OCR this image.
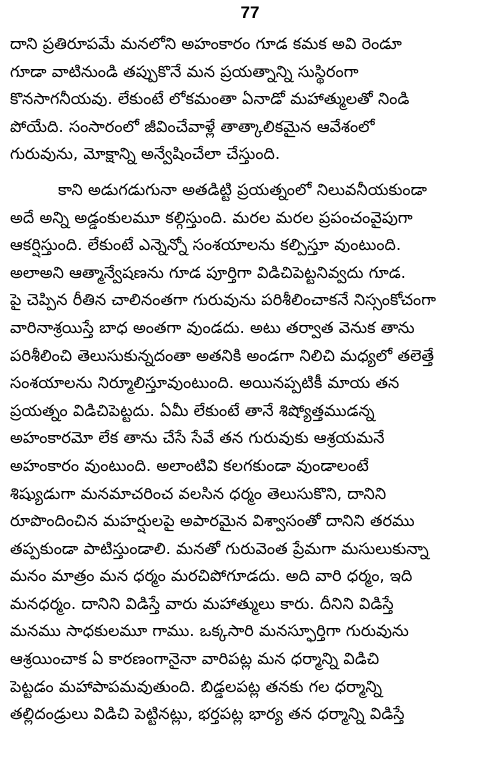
77
దాని ప్రతిరూపమే మనలోని అహంకారం గూడ కమక అవి రెండూ
గూడా వాటినుండి తప్పుకొనే మన ప్రయత్నాన్ని సుస్థిరంగా
కొనసాగనీయవు. లేకుంటే లోకమంతా ఏనాడో మహాత్ములతో నిండి
పోయేది. సంసారంలో జీవించేవాళ్లే తాత్కాలికమైన ఆవేశంలో
గురువును, మోక్షాన్ని అన్వేషించేలా చేస్తుంది.
కాని అడుగడుగునా అతడిట్టి ప్రయత్నంలో నిలువనీయకుండా
అదే అన్ని అడ్డంకులమూ కల్గిస్తుంది. మరల మరల ప్రపంచంవైపుగా
ఆకర్షిస్తుంది. లేకుంటే ఎన్నెన్నో సంశయాలను కల్పిస్తూ వుంటుంది.
అలాఅని ఆత్మాన్వేషణను గూడ పూర్తిగా విడిచిపెట్టనివ్వదు గూడ.
పై చెప్పిన రీతిన చాలినంతగా గురువును పరిశీలించాకనే నిస్సంకోచంగా
వారినాశ్రయిస్తే బాధ అంతగా వుండదు. అటు తర్వాత వెనుక తాను
పరిశీలించి తెలుసుకున్నదంతా అతనికి అండగా నిలిచి మధ్యలో తలెత్తే
సంశయాలను నిర్మూలిస్తూవుంటుంది. అయినప్పటికీ మాయ తన
ప్రయత్నం విడిచిపెట్టదు. ఏమీ లేకుంటే తానే శిష్యోత్తముడన్న
అహంకారమో లేక తాను చేసే సేవే తన గురువుకు ఆశ్రయమనే
అహంకారం వుంటుంది. అలాంటివి కలగకుండా వుండాలంటే
శిష్యుడుగా మనమాచరించ వలసిన ధర్మం తెలుసుకొని, దానిని
రూపొందించిన మహర్షులపై అపారమైన విశ్వాసంతో దానిని తరము
తప్పకుండా పాటిస్తుండాలి. మనతో గురువెంత ప్రేమగా మసులుకున్నా
మనం మాత్రం మన ధర్మం మరచిపోగూడదు. అది వారి ధర్మం, ఇది
మనధర్మం. దానిని విడిస్తే వారు మహాత్ములు కారు. దీనిని విడిస్తే
మనము సాధకులమూ గాము. ఒక్కసారి మనస్ఫూర్తిగా గురువును
ఆశ్రయించాక ఏ కారణంగానైనా వారిపట్ల మన ధర్మాన్ని విడిచి
పెట్టడం మహాపాపమవుతుంది. బిడ్డలపట్ల తనకు గల ధర్మాన్ని
తల్లిదండ్రులు విడిచి పెట్టినట్లు, భర్తపట్ల భార్య తన ధర్మాన్ని విడిస్తే
